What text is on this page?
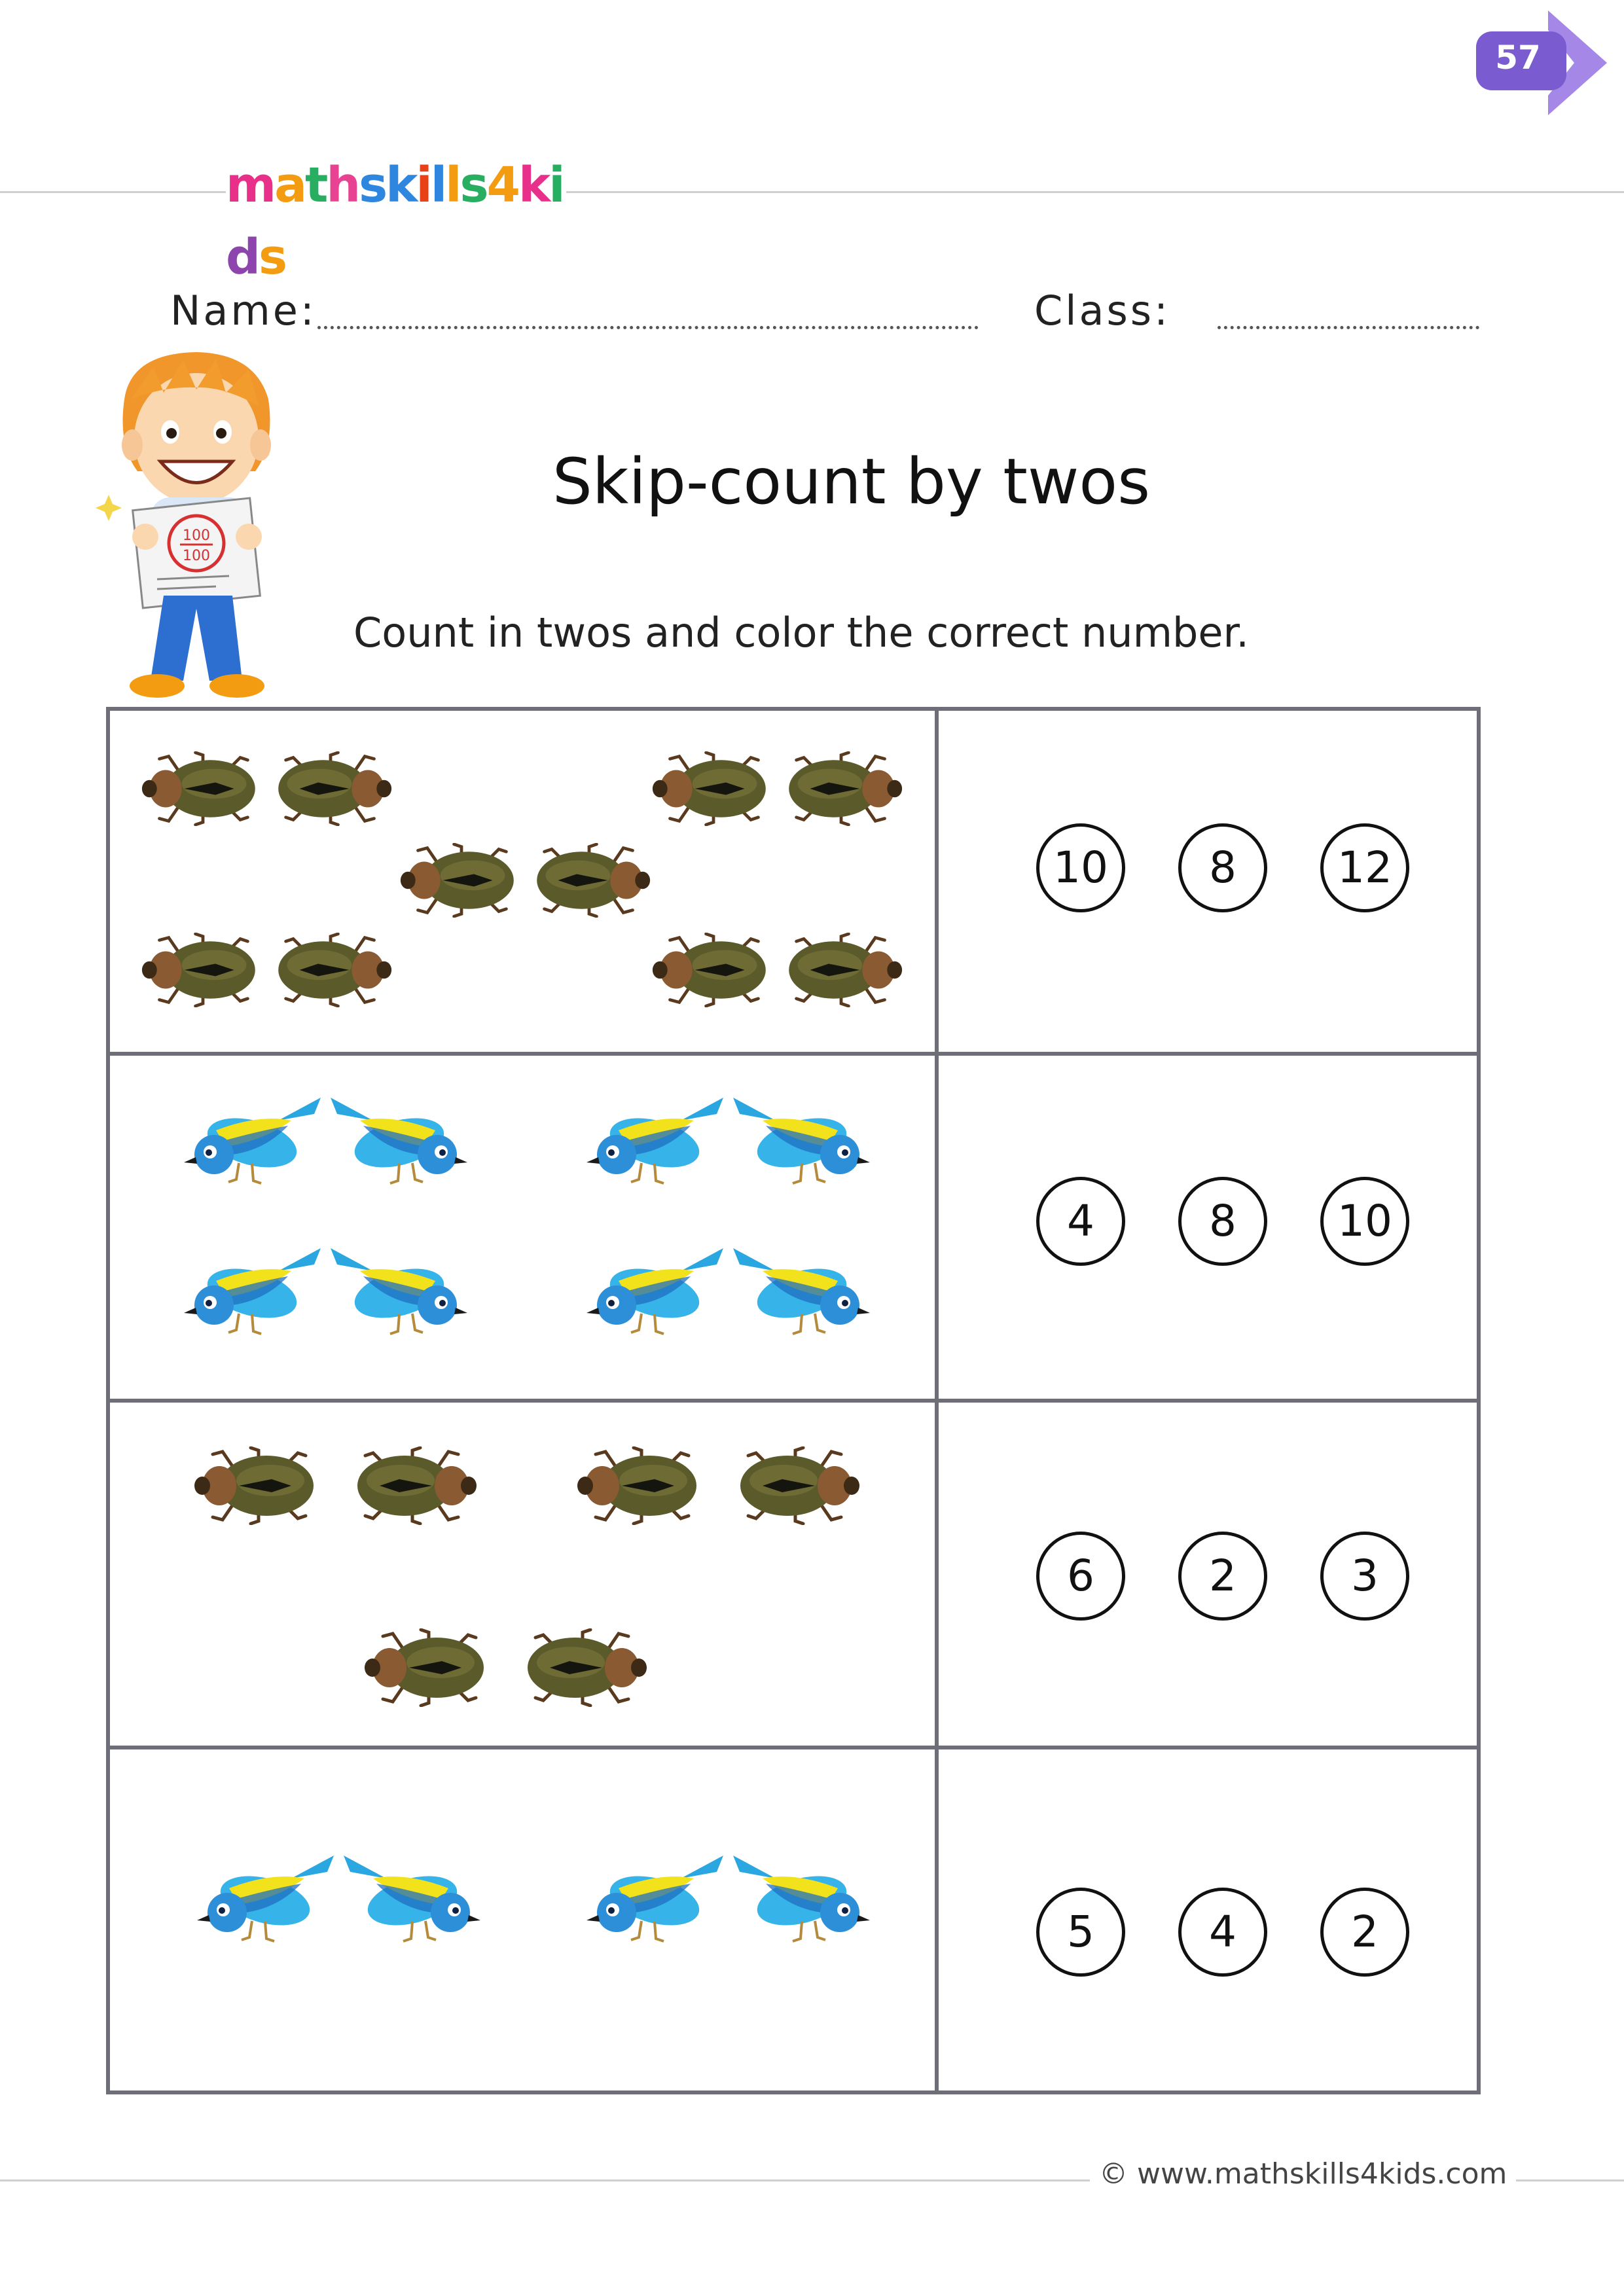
57
mathskills4kids
Name:	Class:
100
100
Skip-count by twos
Count in twos and color the correct number.
10	8	12
4	8	10
6	2	3
5	4	2
© www.mathskills4kids.com
